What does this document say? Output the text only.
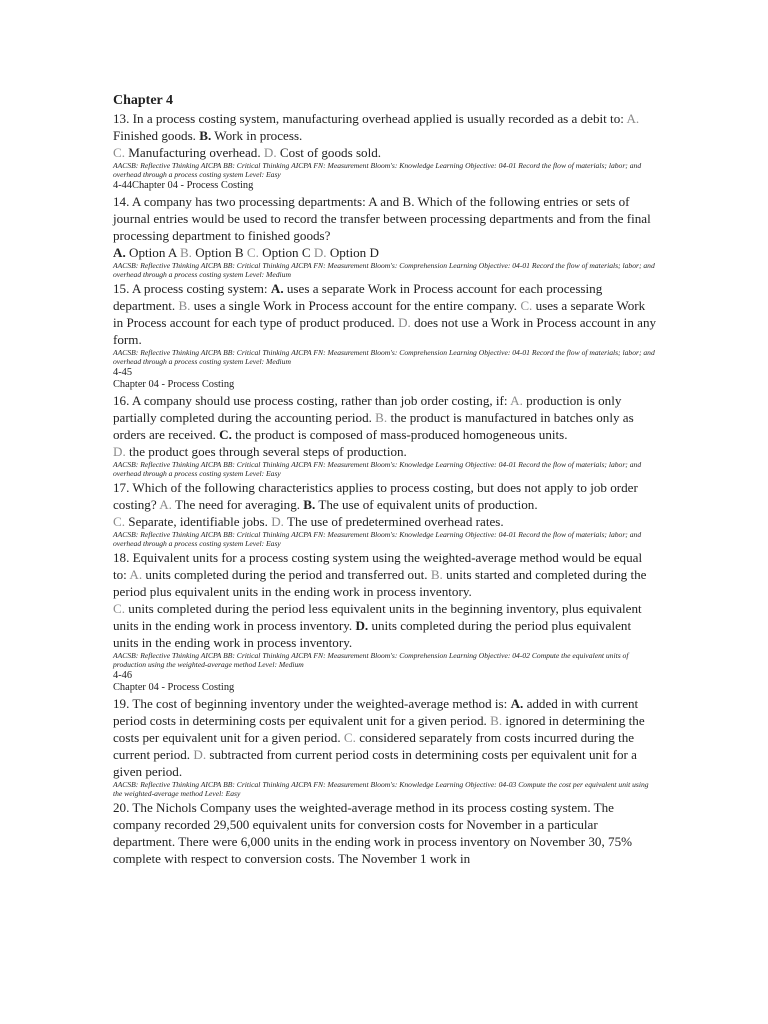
Chapter 4

13. In a process costing system, manufacturing overhead applied is usually recorded as a debit to: A. Finished goods. B. Work in process.

C. Manufacturing overhead. D. Cost of goods sold.

AACSB: Reflective Thinking AICPA BB: Critical Thinking AICPA FN: Measurement Bloom's: Knowledge Learning Objective: 04-01 Record the flow of materials; labor; and overhead through a process costing system Level: Easy

4-44Chapter 04 - Process Costing

14. A company has two processing departments: A and B. Which of the following entries or sets of journal entries would be used to record the transfer between processing departments and from the final processing department to finished goods?

A. Option A B. Option B C. Option C D. Option D

AACSB: Reflective Thinking AICPA BB: Critical Thinking AICPA FN: Measurement Bloom's: Comprehension Learning Objective: 04-01 Record the flow of materials; labor; and overhead through a process costing system Level: Medium

15. A process costing system: A. uses a separate Work in Process account for each processing department. B. uses a single Work in Process account for the entire company. C. uses a separate Work in Process account for each type of product produced. D. does not use a Work in Process account in any form.

AACSB: Reflective Thinking AICPA BB: Critical Thinking AICPA FN: Measurement Bloom's: Comprehension Learning Objective: 04-01 Record the flow of materials; labor; and overhead through a process costing system Level: Medium

4-45

Chapter 04 - Process Costing

16. A company should use process costing, rather than job order costing, if: A. production is only partially completed during the accounting period. B. the product is manufactured in batches only as orders are received. C. the product is composed of mass-produced homogeneous units.

D. the product goes through several steps of production.

AACSB: Reflective Thinking AICPA BB: Critical Thinking AICPA FN: Measurement Bloom's: Knowledge Learning Objective: 04-01 Record the flow of materials; labor; and overhead through a process costing system Level: Easy

17. Which of the following characteristics applies to process costing, but does not apply to job order costing? A. The need for averaging. B. The use of equivalent units of production.

C. Separate, identifiable jobs. D. The use of predetermined overhead rates.

AACSB: Reflective Thinking AICPA BB: Critical Thinking AICPA FN: Measurement Bloom's: Knowledge Learning Objective: 04-01 Record the flow of materials; labor; and overhead through a process costing system Level: Easy

18. Equivalent units for a process costing system using the weighted-average method would be equal to: A. units completed during the period and transferred out. B. units started and completed during the period plus equivalent units in the ending work in process inventory.

C. units completed during the period less equivalent units in the beginning inventory, plus equivalent units in the ending work in process inventory. D. units completed during the period plus equivalent units in the ending work in process inventory.

AACSB: Reflective Thinking AICPA BB: Critical Thinking AICPA FN: Measurement Bloom's: Comprehension Learning Objective: 04-02 Compute the equivalent units of production using the weighted-average method Level: Medium

4-46

Chapter 04 - Process Costing

19. The cost of beginning inventory under the weighted-average method is: A. added in with current period costs in determining costs per equivalent unit for a given period. B. ignored in determining the costs per equivalent unit for a given period. C. considered separately from costs incurred during the current period. D. subtracted from current period costs in determining costs per equivalent unit for a given period.

AACSB: Reflective Thinking AICPA BB: Critical Thinking AICPA FN: Measurement Bloom's: Knowledge Learning Objective: 04-03 Compute the cost per equivalent unit using the weighted-average method Level: Easy

20. The Nichols Company uses the weighted-average method in its process costing system. The company recorded 29,500 equivalent units for conversion costs for November in a particular department. There were 6,000 units in the ending work in process inventory on November 30, 75% complete with respect to conversion costs. The November 1 work in
